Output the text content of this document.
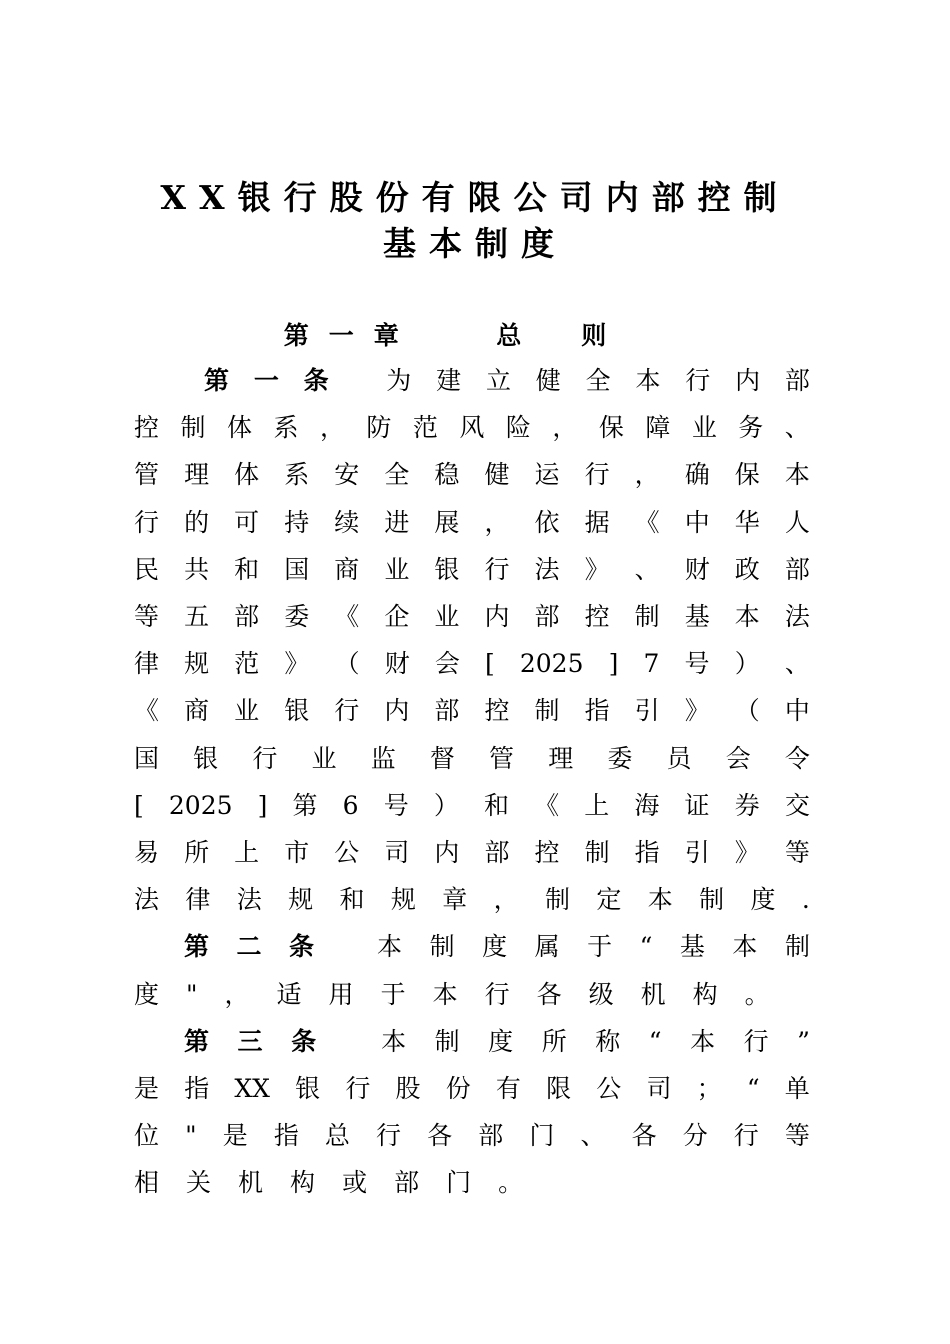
XX银行股份有限公司内部控制
基本制度
第一章	总则
第 一 条 为 建 立 健 全 本 行 内 部
控 制 体 系 ， 防 范 风 险 ， 保 障 业 务 、
管 理 体 系 安 全 稳 健 运 行 ， 确 保 本
行 的 可 持 续 进 展 ， 依 据 《 中 华 人
民 共 和 国 商 业 银 行 法 》 、 财 政 部
等 五 部 委 《 企 业 内 部 控 制 基 本 法
律 规 范 》 （ 财 会 [ 2025 ] 7 号 ） 、
《 商 业 银 行 内 部 控 制 指 引 》 （ 中
国 银 行 业 监 督 管 理 委 员 会 令
[ 2025 ] 第 6 号 ） 和 《 上 海 证 券 交
易 所 上 市 公 司 内 部 控 制 指 引 》 等
法 律 法 规 和 规 章 ， 制 定 本 制 度 .
第 二 条	本 制 度 属 于 “ 基 本 制
度 " ， 适 用 于 本 行 各 级 机 构 。
第 三 条	本 制 度 所 称 “ 本 行 ”
是 指 XX 银 行 股 份 有 限 公 司 ； “ 单
位 " 是 指 总 行 各 部 门 、 各 分 行 等
相 关 机 构 或 部 门 。
